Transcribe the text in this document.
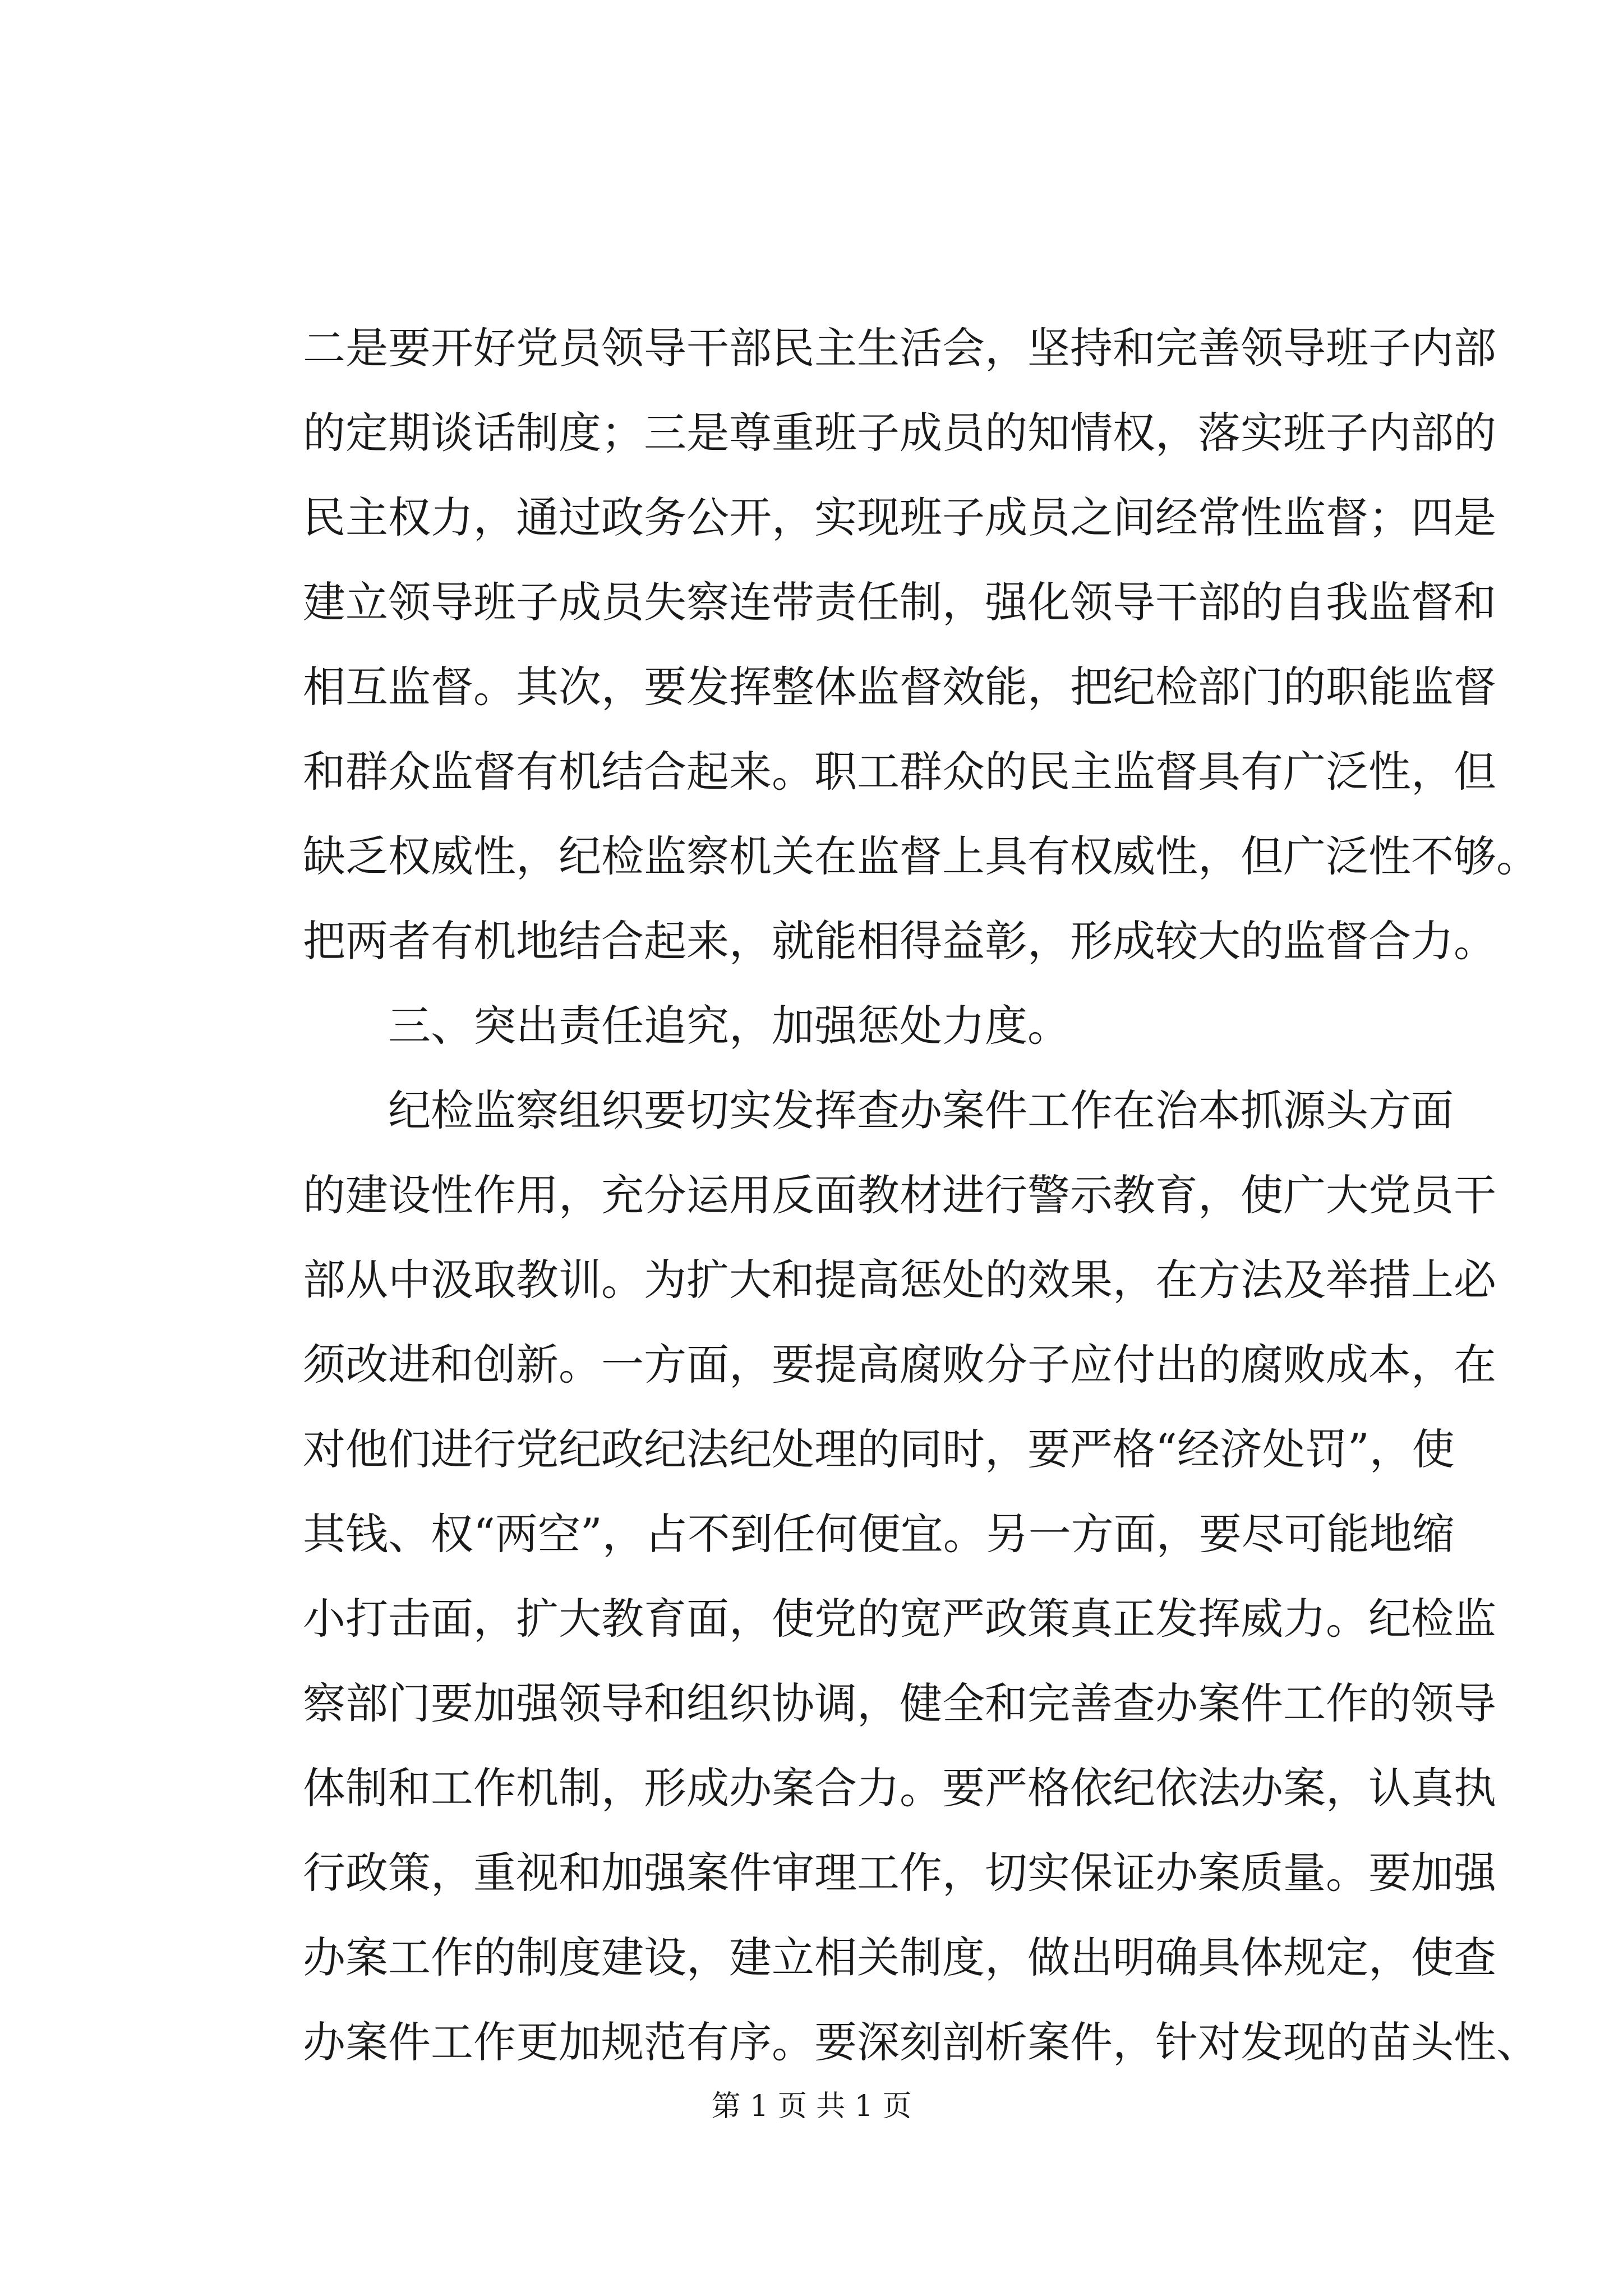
二是要开好党员领导干部民主生活会，坚持和完善领导班子内部
的定期谈话制度；三是尊重班子成员的知情权，落实班子内部的
民主权力，通过政务公开，实现班子成员之间经常性监督；四是
建立领导班子成员失察连带责任制，强化领导干部的自我监督和
相互监督。其次，要发挥整体监督效能，把纪检部门的职能监督
和群众监督有机结合起来。职工群众的民主监督具有广泛性，但
缺乏权威性，纪检监察机关在监督上具有权威性，但广泛性不够。
把两者有机地结合起来，就能相得益彰，形成较大的监督合力。
三、突出责任追究，加强惩处力度。
纪检监察组织要切实发挥查办案件工作在治本抓源头方面
的建设性作用，充分运用反面教材进行警示教育，使广大党员干
部从中汲取教训。为扩大和提高惩处的效果，在方法及举措上必
须改进和创新。一方面，要提高腐败分子应付出的腐败成本，在
对他们进行党纪政纪法纪处理的同时，要严格“经济处罚”，使
其钱、权“两空”，占不到任何便宜。另一方面，要尽可能地缩
小打击面，扩大教育面，使党的宽严政策真正发挥威力。纪检监
察部门要加强领导和组织协调，健全和完善查办案件工作的领导
体制和工作机制，形成办案合力。要严格依纪依法办案，认真执
行政策，重视和加强案件审理工作，切实保证办案质量。要加强
办案工作的制度建设，建立相关制度，做出明确具体规定，使查
办案件工作更加规范有序。要深刻剖析案件，针对发现的苗头性、
第 1 页 共 1 页
